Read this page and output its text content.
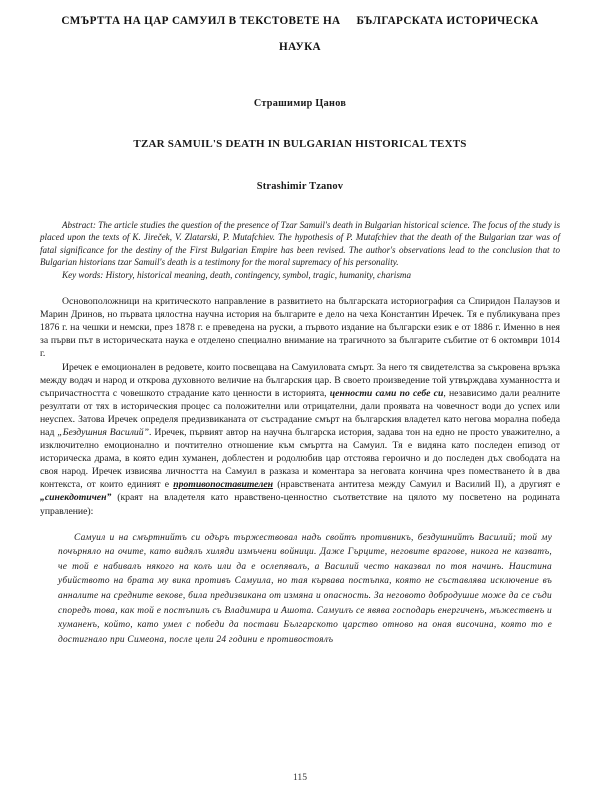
СМЪРТТА НА ЦАР САМУИЛ В ТЕКСТОВЕТЕ НА БЪЛГАРСКАТА ИСТОРИЧЕСКА
НАУКА
Страшимир Цанов
TZAR SAMUIL'S DEATH IN BULGARIAN HISTORICAL TEXTS
Strashimir Tzanov

Abstract: The article studies the question of the presence of Tzar Samuil's death in Bulgarian historical science. The focus of the study is placed upon the texts of K. Jireček, V. Zlatarski, P. Mutafchiev. The hypothesis of P. Mutafchiev that the death of the Bulgarian tzar was of fatal significance for the destiny of the First Bulgarian Empire has been revised. The author's observations lead to the conclusion that to Bulgarian historians tzar Samuil's death is a testimony for the moral supremacy of his personality.

Key words: History, historical meaning, death, contingency, symbol, tragic, humanity, charisma

Основоположници на критическото направление в развитието на българската историография са Спиридон Палаузов и Марин Дринов, но първата цялостна научна история на българите е дело на чеха Константин Иречек. Тя е публикувана през 1876 г. на чешки и немски, през 1878 г. е преведена на руски, а първото издание на български език е от 1886 г. Именно в нея за първи път в историческата наука е отделено специално внимание на трагичното за българите събитие от 6 октомври 1014 г.

Иречек е емоционален в редовете, които посвещава на Самуиловата смърт. За него тя свидетелства за съкровена връзка между водач и народ и открова духовното величие на българския цар. В своето произведение той утвърждава хуманността и съпричастността с човешкото страдание като ценности в историята, ценности сами по себе си, независимо дали реалните резултати от тях в историческия процес са положителни или отрицателни, дали проявата на човечност води до успех или неуспех. Затова Иречек определя предизвиканата от състрадание смърт на българския владетел като негова морална победа над „Бездушния Василий”. Иречек, първият автор на научна българска история, задава тон на едно не просто уважително, а изключително емоционално и почтително отношение към смъртта на Самуил. Тя е видяна като последен епизод от историческа драма, в която един хуманен, доблестен и родолюбив цар отстоява героично и до последен дъх свободата на своя народ. Иречек извисява личността на Самуил в разказа и коментара за неговата кончина чрез поместването ѝ в два контекста, от които единият е противопоставителен (нравствената антитеза между Самуил и Василий II), а другият е „синекдотичен” (краят на владетеля като нравствено-ценностно съответствие на цялото му посветено на родината управление):

Самуил и на смъртнийтъ си одъръ тържествовал надъ свойтъ противникъ, бездушнийтъ Василий; той му почърняло на очите, като видялъ хиляди измъчени войници. Даже Гърците, неговите врагове, никога не казватъ, че той е набивалъ някого на колъ или да е ослепявалъ, а Василий често наказвал по тоя начинъ. Наистина убийството на брата му вика противъ Самуила, но тая кървава постъпка, която не съставлява исключение въ анналите на средните векове, била предизвикана от измяна и опасность. За неговото добродушие може да се съди споредъ това, как той е постъпилъ съ Владимира и Ашота. Самуилъ се явява господарь енергиченъ, мъжественъ и хуманенъ, който, като умел с победи да постави Българското царство отново на оная височина, която то е достигнало при Симеона, после цели 24 години е противостоялъ

115
